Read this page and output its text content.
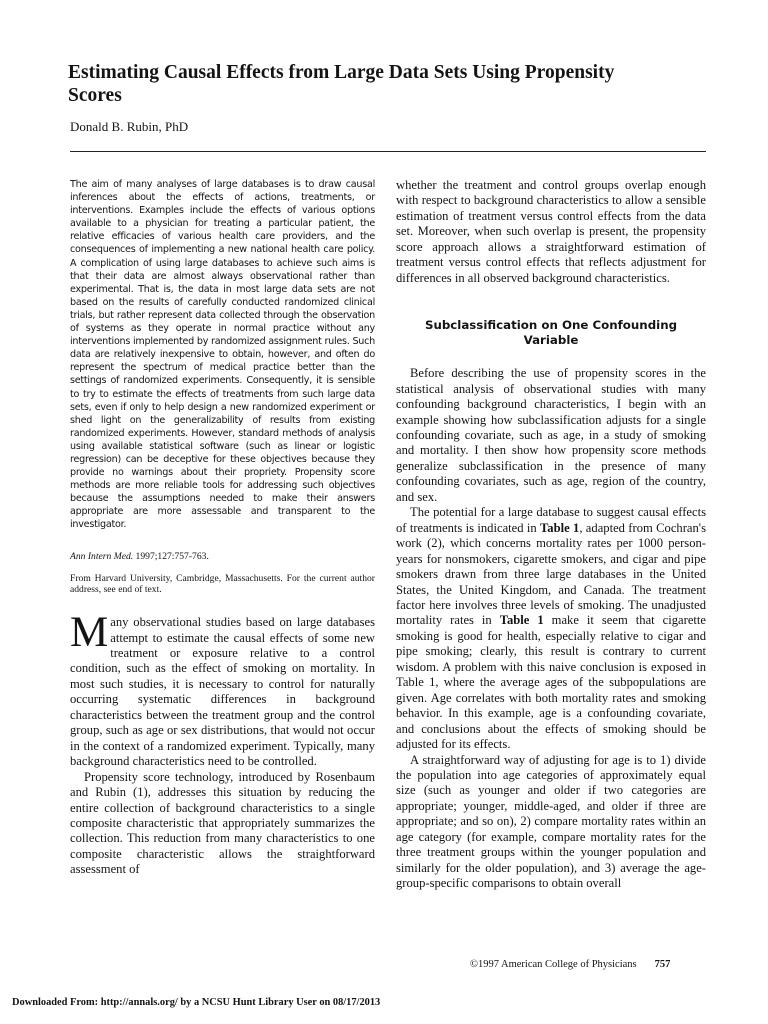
Estimating Causal Effects from Large Data Sets Using Propensity Scores
Donald B. Rubin, PhD

The aim of many analyses of large databases is to draw causal inferences about the effects of actions, treatments, or interventions. Examples include the effects of various options available to a physician for treating a particular patient, the relative efficacies of various health care providers, and the consequences of implementing a new national health care policy. A complication of using large databases to achieve such aims is that their data are almost always observational rather than experimental. That is, the data in most large data sets are not based on the results of carefully conducted randomized clinical trials, but rather represent data collected through the observation of systems as they operate in normal practice without any interventions implemented by randomized assignment rules. Such data are relatively inexpensive to obtain, however, and often do represent the spectrum of medical practice better than the settings of randomized experiments. Consequently, it is sensible to try to estimate the effects of treatments from such large data sets, even if only to help design a new randomized experiment or shed light on the generalizability of results from existing randomized experiments. However, standard methods of analysis using available statistical software (such as linear or logistic regression) can be deceptive for these objectives because they provide no warnings about their propriety. Propensity score methods are more reliable tools for addressing such objectives because the assumptions needed to make their answers appropriate are more assessable and transparent to the investigator.

Ann Intern Med. 1997;127:757-763.

From Harvard University, Cambridge, Massachusetts. For the current author address, see end of text.

Many observational studies based on large databases attempt to estimate the causal effects of some new treatment or exposure relative to a control condition, such as the effect of smoking on mortality. In most such studies, it is necessary to control for naturally occurring systematic differences in background characteristics between the treatment group and the control group, such as age or sex distributions, that would not occur in the context of a randomized experiment. Typically, many background characteristics need to be controlled.

Propensity score technology, introduced by Rosenbaum and Rubin (1), addresses this situation by reducing the entire collection of background characteristics to a single composite characteristic that appropriately summarizes the collection. This reduction from many characteristics to one composite characteristic allows the straightforward assessment of

whether the treatment and control groups overlap enough with respect to background characteristics to allow a sensible estimation of treatment versus control effects from the data set. Moreover, when such overlap is present, the propensity score approach allows a straightforward estimation of treatment versus control effects that reflects adjustment for differences in all observed background characteristics.

Subclassification on One Confounding Variable

Before describing the use of propensity scores in the statistical analysis of observational studies with many confounding background characteristics, I begin with an example showing how subclassification adjusts for a single confounding covariate, such as age, in a study of smoking and mortality. I then show how propensity score methods generalize subclassification in the presence of many confounding covariates, such as age, region of the country, and sex.

The potential for a large database to suggest causal effects of treatments is indicated in Table 1, adapted from Cochran's work (2), which concerns mortality rates per 1000 person-years for nonsmokers, cigarette smokers, and cigar and pipe smokers drawn from three large databases in the United States, the United Kingdom, and Canada. The treatment factor here involves three levels of smoking. The unadjusted mortality rates in Table 1 make it seem that cigarette smoking is good for health, especially relative to cigar and pipe smoking; clearly, this result is contrary to current wisdom. A problem with this naive conclusion is exposed in Table 1, where the average ages of the subpopulations are given. Age correlates with both mortality rates and smoking behavior. In this example, age is a confounding covariate, and conclusions about the effects of smoking should be adjusted for its effects.

A straightforward way of adjusting for age is to 1) divide the population into age categories of approximately equal size (such as younger and older if two categories are appropriate; younger, middle-aged, and older if three are appropriate; and so on), 2) compare mortality rates within an age category (for example, compare mortality rates for the three treatment groups within the younger population and similarly for the older population), and 3) average the age-group-specific comparisons to obtain overall

©1997 American College of Physicians 757
Downloaded From: http://annals.org/ by a NCSU Hunt Library User on 08/17/2013
